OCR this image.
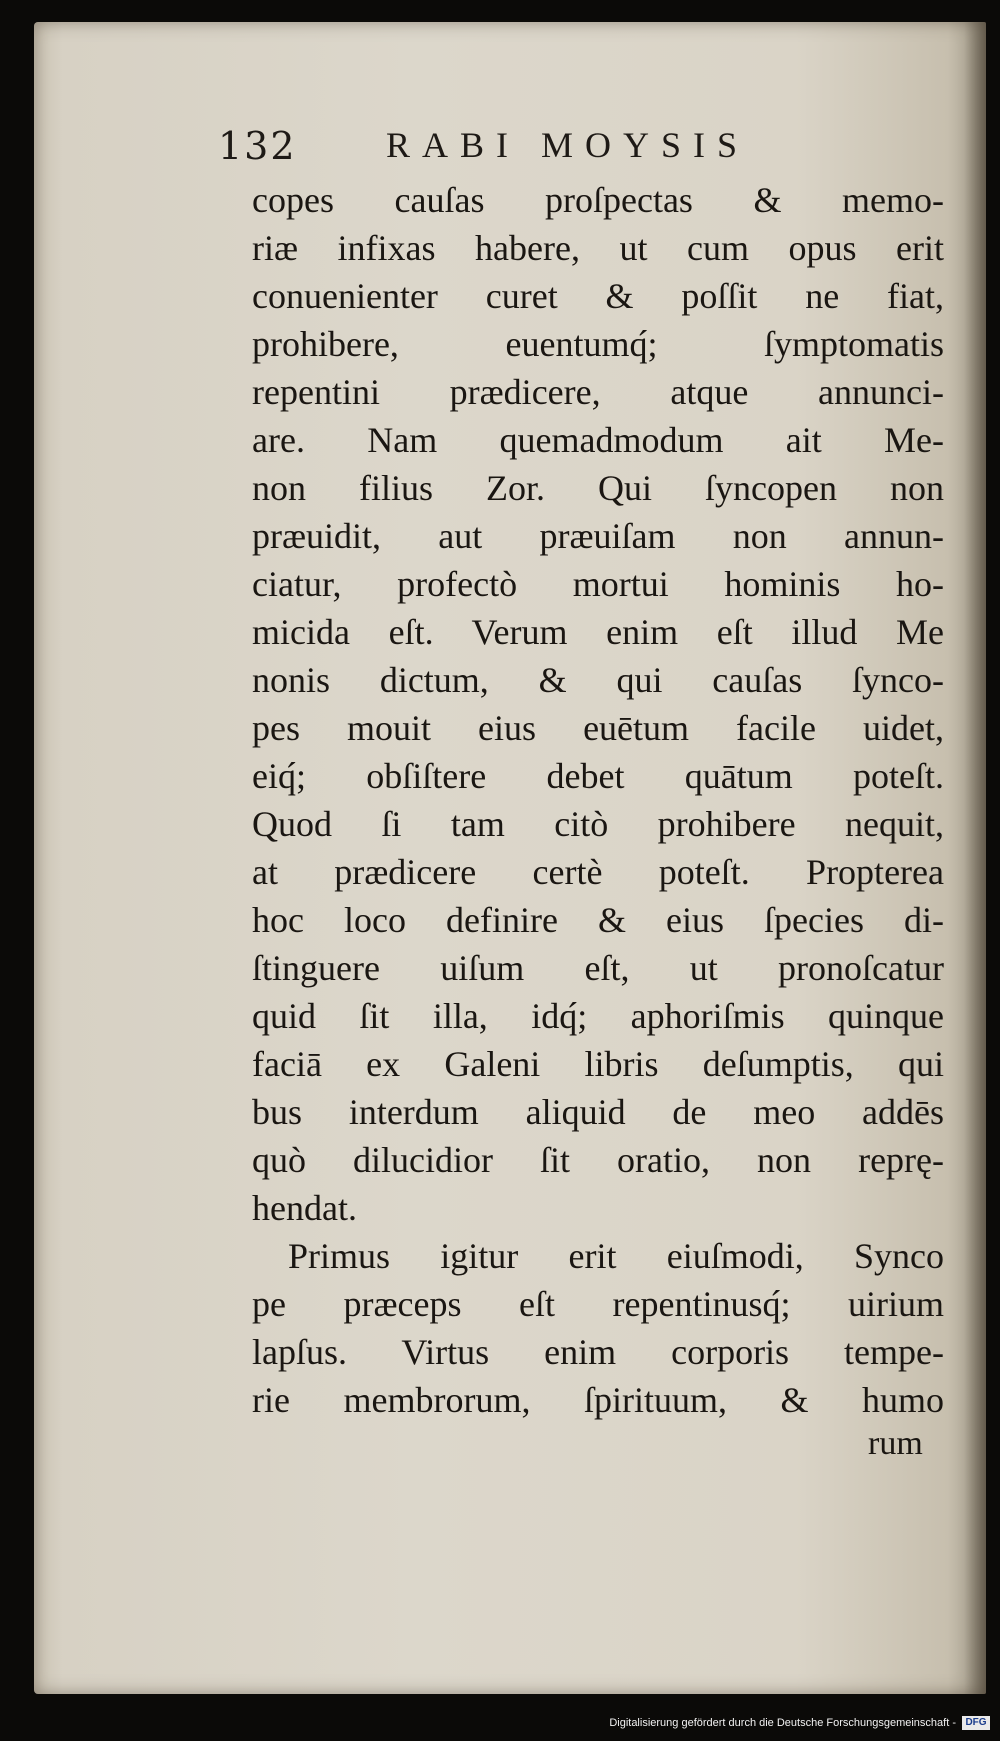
132 RABI MOYSIS
copes cauſas proſpectas & memo-
riæ infixas habere, ut cum opus erit
conuenienter curet & poſſit ne fiat,
prohibere, euentumq́; ſymptomatis
repentini prædicere, atque annunci-
are. Nam quemadmodum ait Me-
non filius Zor. Qui ſyncopen non
præuidit, aut præuiſam non annun-
ciatur, profectò mortui hominis ho-
micida eſt. Verum enim eſt illud Me
nonis dictum, & qui cauſas ſynco-
pes mouit eius euētum facile uidet,
eiq́; obſiſtere debet quātum poteſt.
Quod ſi tam citò prohibere nequit,
at prædicere certè poteſt. Propterea
hoc loco definire & eius ſpecies di-
ſtinguere uiſum eſt, ut pronoſcatur
quid ſit illa, idq́; aphoriſmis quinque
faciā ex Galeni libris deſumptis, qui
bus interdum aliquid de meo addēs
quò dilucidior ſit oratio, non reprę-
hendat.
Primus igitur erit eiuſmodi, Synco
pe præceps eſt repentinusq́; uirium
lapſus. Virtus enim corporis tempe-
rie membrorum, ſpirituum, & humo
rum
Digitalisierung gefördert durch die Deutsche Forschungsgemeinschaft - DFG
